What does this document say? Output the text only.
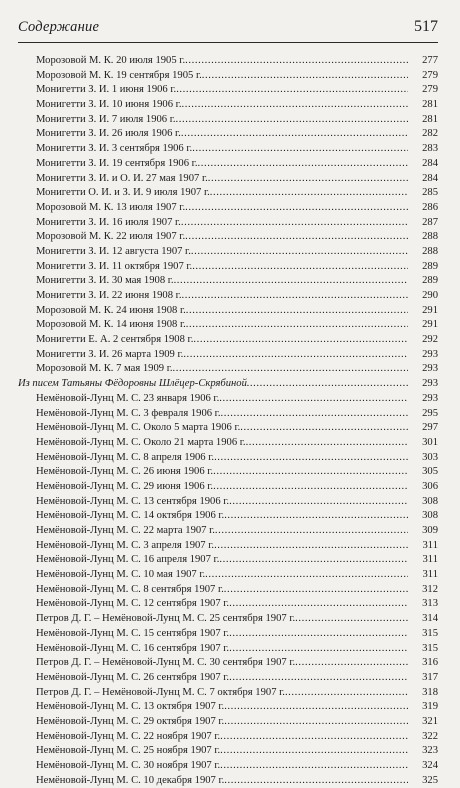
Содержание	517
Морозовой М. К. 20 июля 1905 г. .....	277
Морозовой М. К. 19 сентября 1905 г. .....	279
Монигетти З. И. 1 июня 1906 г. .....	279
Монигетти З. И. 10 июня 1906 г. .....	281
Монигетти З. И. 7 июля 1906 г. .....	281
Монигетти З. И. 26 июля 1906 г. .....	282
Монигетти З. И. 3 сентября 1906 г. .....	283
Монигетти З. И. 19 сентября 1906 г. .....	284
Монигетти З. И. и О. И. 27 мая 1907 г. .....	284
Монигетти О. И. и З. И. 9 июля 1907 г. .....	285
Морозовой М. К. 13 июля 1907 г. .....	286
Монигетти З. И. 16 июля 1907 г. .....	287
Морозовой М. К. 22 июля 1907 г. .....	288
Монигетти З. И. 12 августа 1907 г. .....	288
Монигетти З. И. 11 октября 1907 г. .....	289
Монигетти З. И. 30 мая 1908 г. .....	289
Монигетти З. И. 22 июня 1908 г. .....	290
Морозовой М. К. 24 июня 1908 г. .....	291
Морозовой М. К. 14 июня 1908 г. .....	291
Монигетти Е. А. 2 сентября 1908 г. .....	292
Монигетти З. И. 26 марта 1909 г. .....	293
Морозовой М. К. 7 мая 1909 г. .....	293
Из писем Татьяны Фёдоровны Шлёцер-Скрябиной .....	293
Немёновой-Лунц М. С. 23 января 1906 г. .....	293
Немёновой-Лунц М. С. 3 февраля 1906 г. .....	295
Немёновой-Лунц М. С. Около 5 марта 1906 г. .....	297
Немёновой-Лунц М. С. Около 21 марта 1906 г. .....	301
Немёновой-Лунц М. С. 8 апреля 1906 г. .....	303
Немёновой-Лунц М. С. 26 июня 1906 г. .....	305
Немёновой-Лунц М. С. 29 июня 1906 г. .....	306
Немёновой-Лунц М. С. 13 сентября 1906 г. .....	308
Немёновой-Лунц М. С. 14 октября 1906 г. .....	308
Немёновой-Лунц М. С. 22 марта 1907 г. .....	309
Немёновой-Лунц М. С. 3 апреля 1907 г. .....	311
Немёновой-Лунц М. С. 16 апреля 1907 г. .....	311
Немёновой-Лунц М. С. 10 мая 1907 г. .....	311
Немёновой-Лунц М. С. 8 сентября 1907 г. .....	312
Немёновой-Лунц М. С. 12 сентября 1907 г. .....	313
Петров Д. Г. – Немёновой-Лунц М. С. 25 сентября 1907 г. .....	314
Немёновой-Лунц М. С. 15 сентября 1907 г. .....	315
Немёновой-Лунц М. С. 16 сентября 1907 г. .....	315
Петров Д. Г. – Немёновой-Лунц М. С. 30 сентября 1907 г. .....	316
Немёновой-Лунц М. С. 26 сентября 1907 г. .....	317
Петров Д. Г. – Немёновой-Лунц М. С. 7 октября 1907 г. .....	318
Немёновой-Лунц М. С. 13 октября 1907 г. .....	319
Немёновой-Лунц М. С. 29 октября 1907 г. .....	321
Немёновой-Лунц М. С. 22 ноября 1907 г. .....	322
Немёновой-Лунц М. С. 25 ноября 1907 г. .....	323
Немёновой-Лунц М. С. 30 ноября 1907 г. .....	324
Немёновой-Лунц М. С. 10 декабря 1907 г. .....	325
